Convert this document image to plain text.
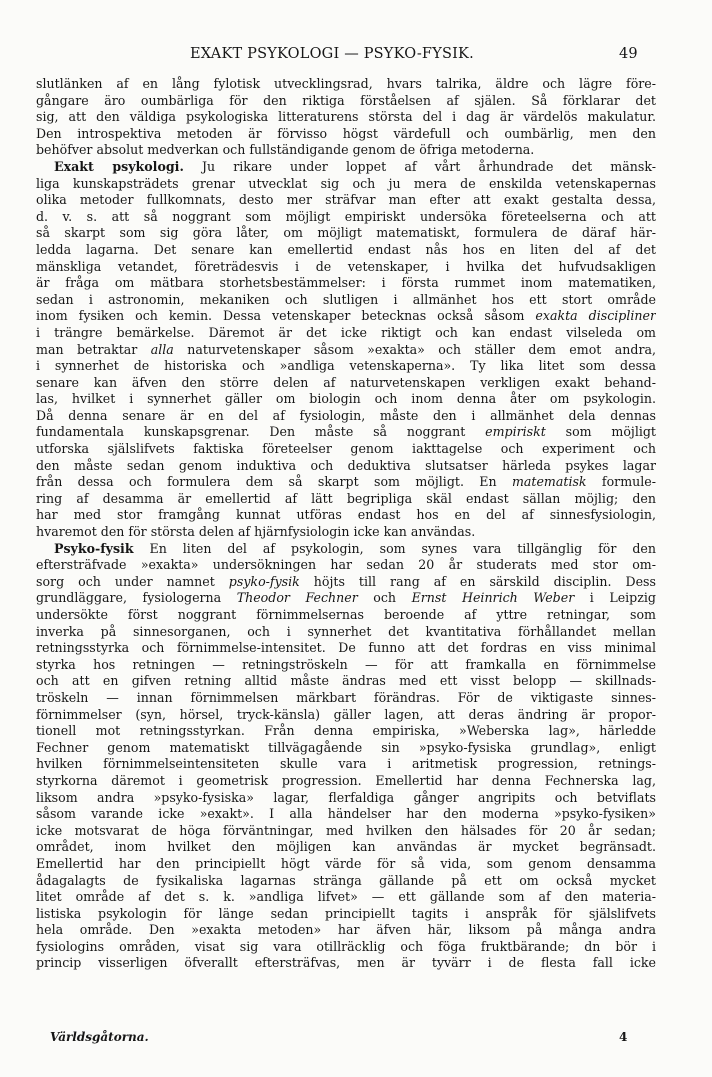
EXAKT PSYKOLOGI — PSYKO-FYSIK.	49
slutlänken af en lång fylotisk utvecklingsrad, hvars talrika, äldre och lägre före-
gångare äro oumbärliga för den riktiga förståelsen af själen. Så förklarar det
sig, att den väldiga psykologiska litteraturens största del i dag är värdelös makulatur.
Den introspektiva metoden är förvisso högst värdefull och oumbärlig, men den
behöfver absolut medverkan och fullständigande genom de öfriga metoderna.
Exakt psykologi. Ju rikare under loppet af vårt århundrade det mänsk-
liga kunskapsträdets grenar utvecklat sig och ju mera de enskilda vetenskapernas
olika metoder fullkomnats, desto mer sträfvar man efter att exakt gestalta dessa,
d. v. s. att så noggrant som möjligt empiriskt undersöka företeelserna och att
så skarpt som sig göra låter, om möjligt matematiskt, formulera de däraf här-
ledda lagarna. Det senare kan emellertid endast nås hos en liten del af det
mänskliga vetandet, företrädesvis i de vetenskaper, i hvilka det hufvudsakligen
är fråga om mätbara storhetsbestämmelser: i första rummet inom matematiken,
sedan i astronomin, mekaniken och slutligen i allmänhet hos ett stort område
inom fysiken och kemin. Dessa vetenskaper betecknas också såsom exakta discipliner
i trängre bemärkelse. Däremot är det icke riktigt och kan endast vilseleda om
man betraktar alla naturvetenskaper såsom »exakta» och ställer dem emot andra,
i synnerhet de historiska och »andliga vetenskaperna». Ty lika litet som dessa
senare kan äfven den större delen af naturvetenskapen verkligen exakt behand-
las, hvilket i synnerhet gäller om biologin och inom denna åter om psykologin.
Då denna senare är en del af fysiologin, måste den i allmänhet dela dennas
fundamentala kunskapsgrenar. Den måste så noggrant empiriskt som möjligt
utforska själslifvets faktiska företeelser genom iakttagelse och experiment och
den måste sedan genom induktiva och deduktiva slutsatser härleda psykes lagar
från dessa och formulera dem så skarpt som möjligt. En matematisk formule-
ring af desamma är emellertid af lätt begripliga skäl endast sällan möjlig; den
har med stor framgång kunnat utföras endast hos en del af sinnesfysiologin,
hvaremot den för största delen af hjärnfysiologin icke kan användas.
Psyko-fysik En liten del af psykologin, som synes vara tillgänglig för den
eftersträfvade »exakta» undersökningen har sedan 20 år studerats med stor om-
sorg och under namnet psyko-fysik höjts till rang af en särskild disciplin. Dess
grundläggare, fysiologerna Theodor Fechner och Ernst Heinrich Weber i Leipzig
undersökte först noggrant förnimmelsernas beroende af yttre retningar, som
inverka på sinnesorganen, och i synnerhet det kvantitativa förhållandet mellan
retningsstyrka och förnimmelse-intensitet. De funno att det fordras en viss minimal
styrka hos retningen — retningströskeln — för att framkalla en förnimmelse
och att en gifven retning alltid måste ändras med ett visst belopp — skillnads-
tröskeln — innan förnimmelsen märkbart förändras. För de viktigaste sinnes-
förnimmelser (syn, hörsel, tryck-känsla) gäller lagen, att deras ändring är propor-
tionell mot retningsstyrkan. Från denna empiriska, »Weberska lag», härledde
Fechner genom matematiskt tillvägagående sin »psyko-fysiska grundlag», enligt
hvilken förnimmelseintensiteten skulle vara i aritmetisk progression, retnings-
styrkorna däremot i geometrisk progression. Emellertid har denna Fechnerska lag,
liksom andra »psyko-fysiska» lagar, flerfaldiga gånger angripits och betviflats
såsom varande icke »exakt». I alla händelser har den moderna »psyko-fysiken»
icke motsvarat de höga förväntningar, med hvilken den hälsades för 20 år sedan;
området, inom hvilket den möjligen kan användas är mycket begränsadt.
Emellertid har den principiellt högt värde för så vida, som genom densamma
ådagalagts de fysikaliska lagarnas stränga gällande på ett om också mycket
litet område af det s. k. »andliga lifvet» — ett gällande som af den materia-
listiska psykologin för länge sedan principiellt tagits i anspråk för själslifvets
hela område. Den »exakta metoden» har äfven här, liksom på många andra
fysiologins områden, visat sig vara otillräcklig och föga fruktbärande; dn bör i
princip visserligen öfverallt eftersträfvas, men är tyvärr i de flesta fall icke
Världsgåtorna.	4
